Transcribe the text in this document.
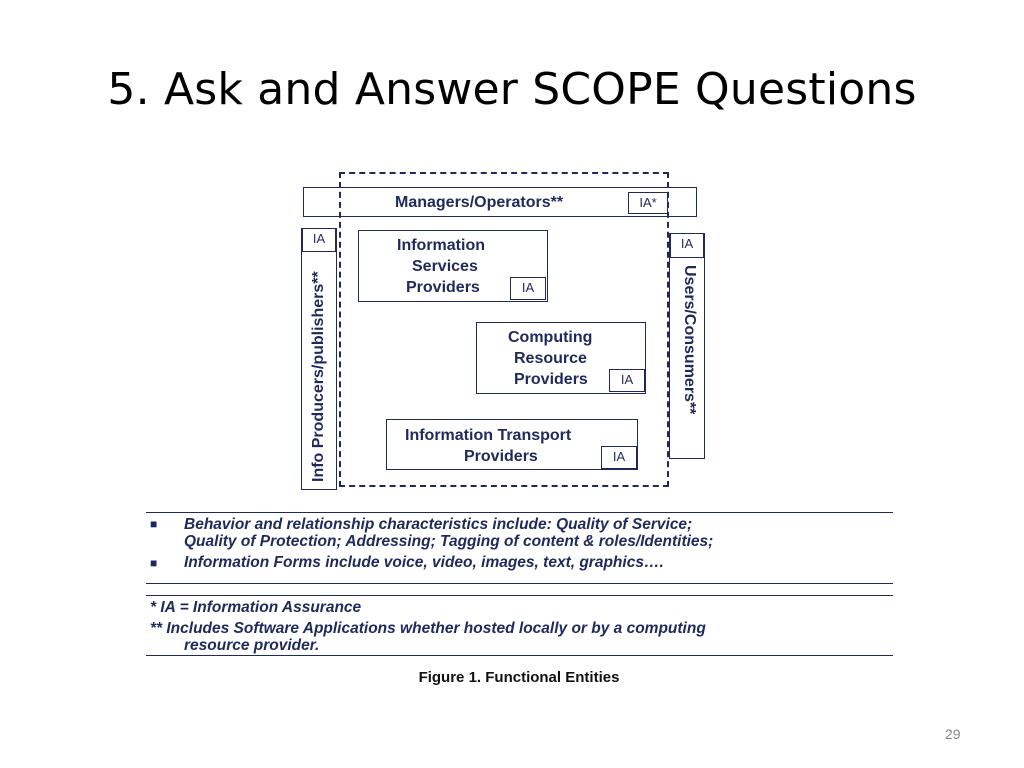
5. Ask and Answer SCOPE Questions
Managers/Operators**	IA*
IA
Info Producers/publishers**
IA
Users/Consumers**
Information
Services
Providers	IA
Computing
Resource
Providers	IA
Information Transport
Providers	IA
■ Behavior and relationship characteristics include: Quality of Service;
Quality of Protection; Addressing; Tagging of content & roles/Identities;
■ Information Forms include voice, video, images, text, graphics….
* IA = Information Assurance
** Includes Software Applications whether hosted locally or by a computing
resource provider.
Figure 1. Functional Entities
29
